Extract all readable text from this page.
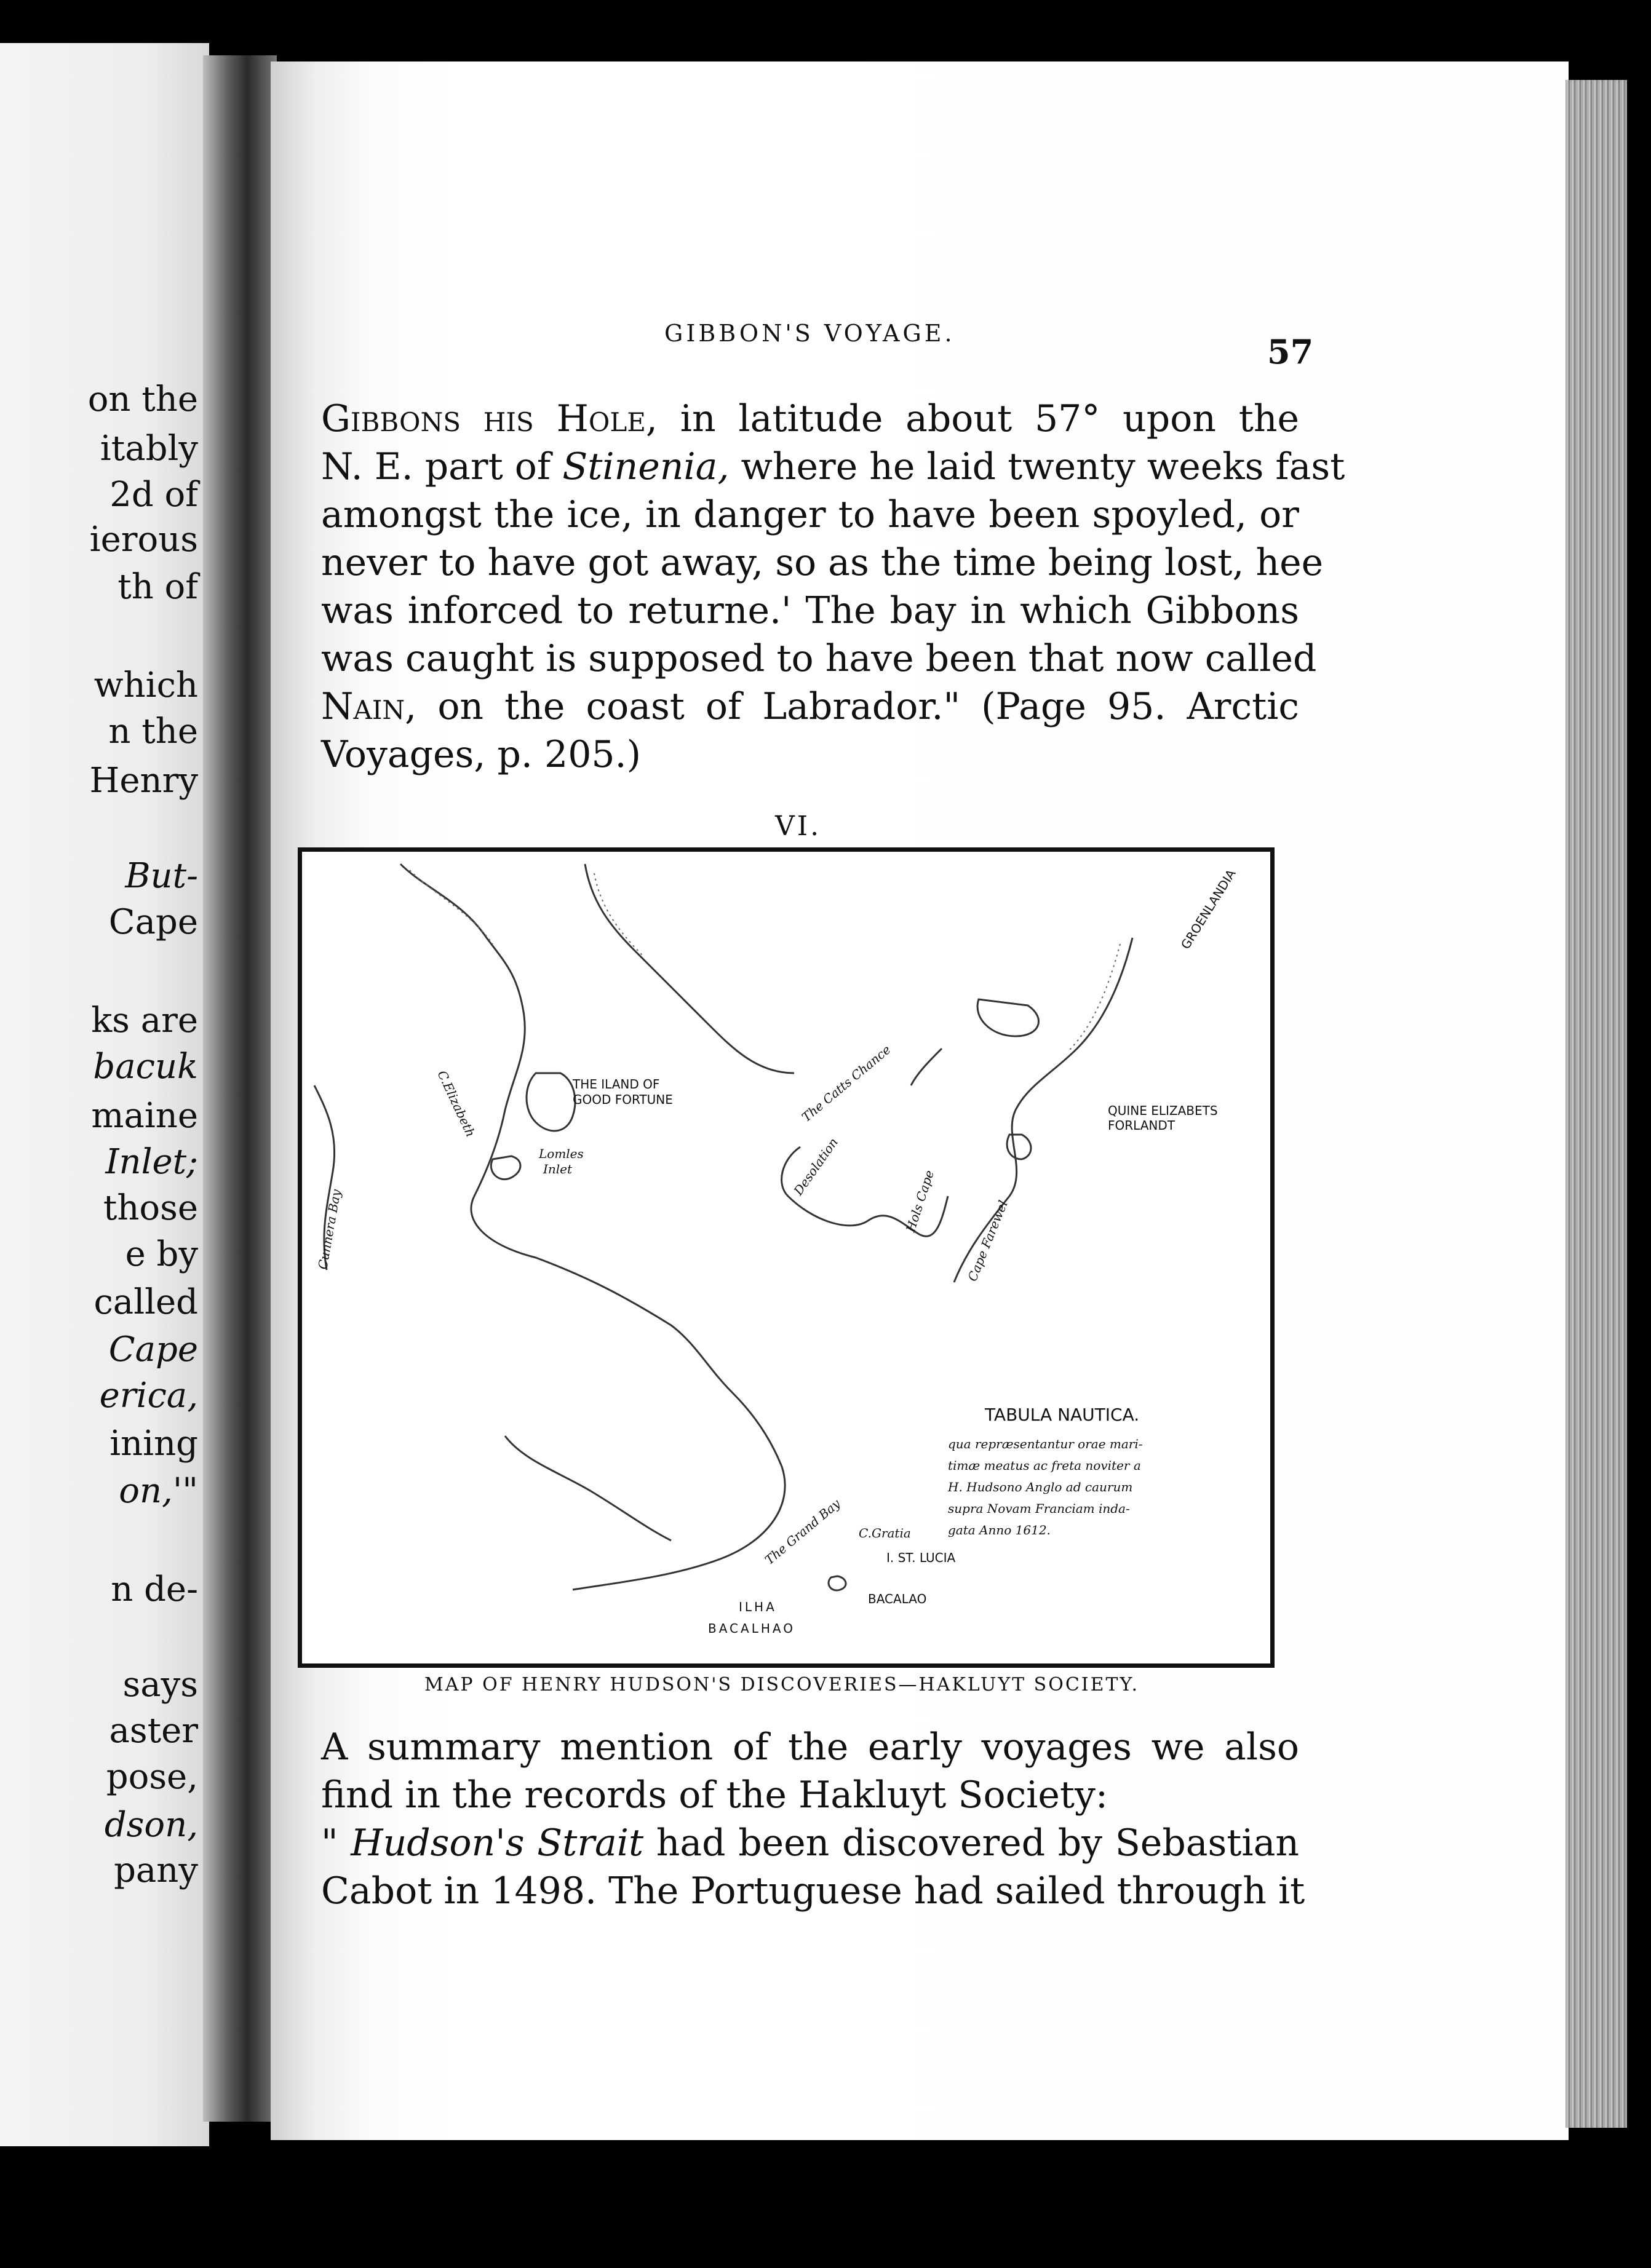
on the
itably
2d of
ierous
th of
which
n the
Henry
But-
Cape
ks are
bacuk
maine
Inlet;
those
e by
called
Cape
erica,
ining
on,'"
n de-
says
aster
pose,
dson,
pany
GIBBON'S VOYAGE.	57
Gibbons his Hole, in latitude about 57° upon the
N. E. part of Stinenia, where he laid twenty weeks fast
amongst the ice, in danger to have been spoyled, or
never to have got away, so as the time being lost, hee
was inforced to returne.' The bay in which Gibbons
was caught is supposed to have been that now called
Nain, on the coast of Labrador." (Page 95. Arctic
Voyages, p. 205.)
VI.
GROENLANDIA
THE ILAND OF
GOOD FORTUNE
QUINE ELIZABETS
FORLANDT
I. ST. LUCIA
BACALAO
ILHA
BACALHAO
C.Elizabeth
Lomles
Inlet
Cunnera Bay
The Catts Chance
Desolation
Hols Cape Cape Farewel
The Grand Bay C.Gratia
TABULA NAUTICA.
qua repræsentantur orae mari-
timæ meatus ac freta noviter a
H. Hudsono Anglo ad caurum
supra Novam Franciam inda-
gata Anno 1612.
MAP OF HENRY HUDSON'S DISCOVERIES—HAKLUYT SOCIETY.
A summary mention of the early voyages we also
find in the records of the Hakluyt Society:
" Hudson's Strait had been discovered by Sebastian
Cabot in 1498. The Portuguese had sailed through it
